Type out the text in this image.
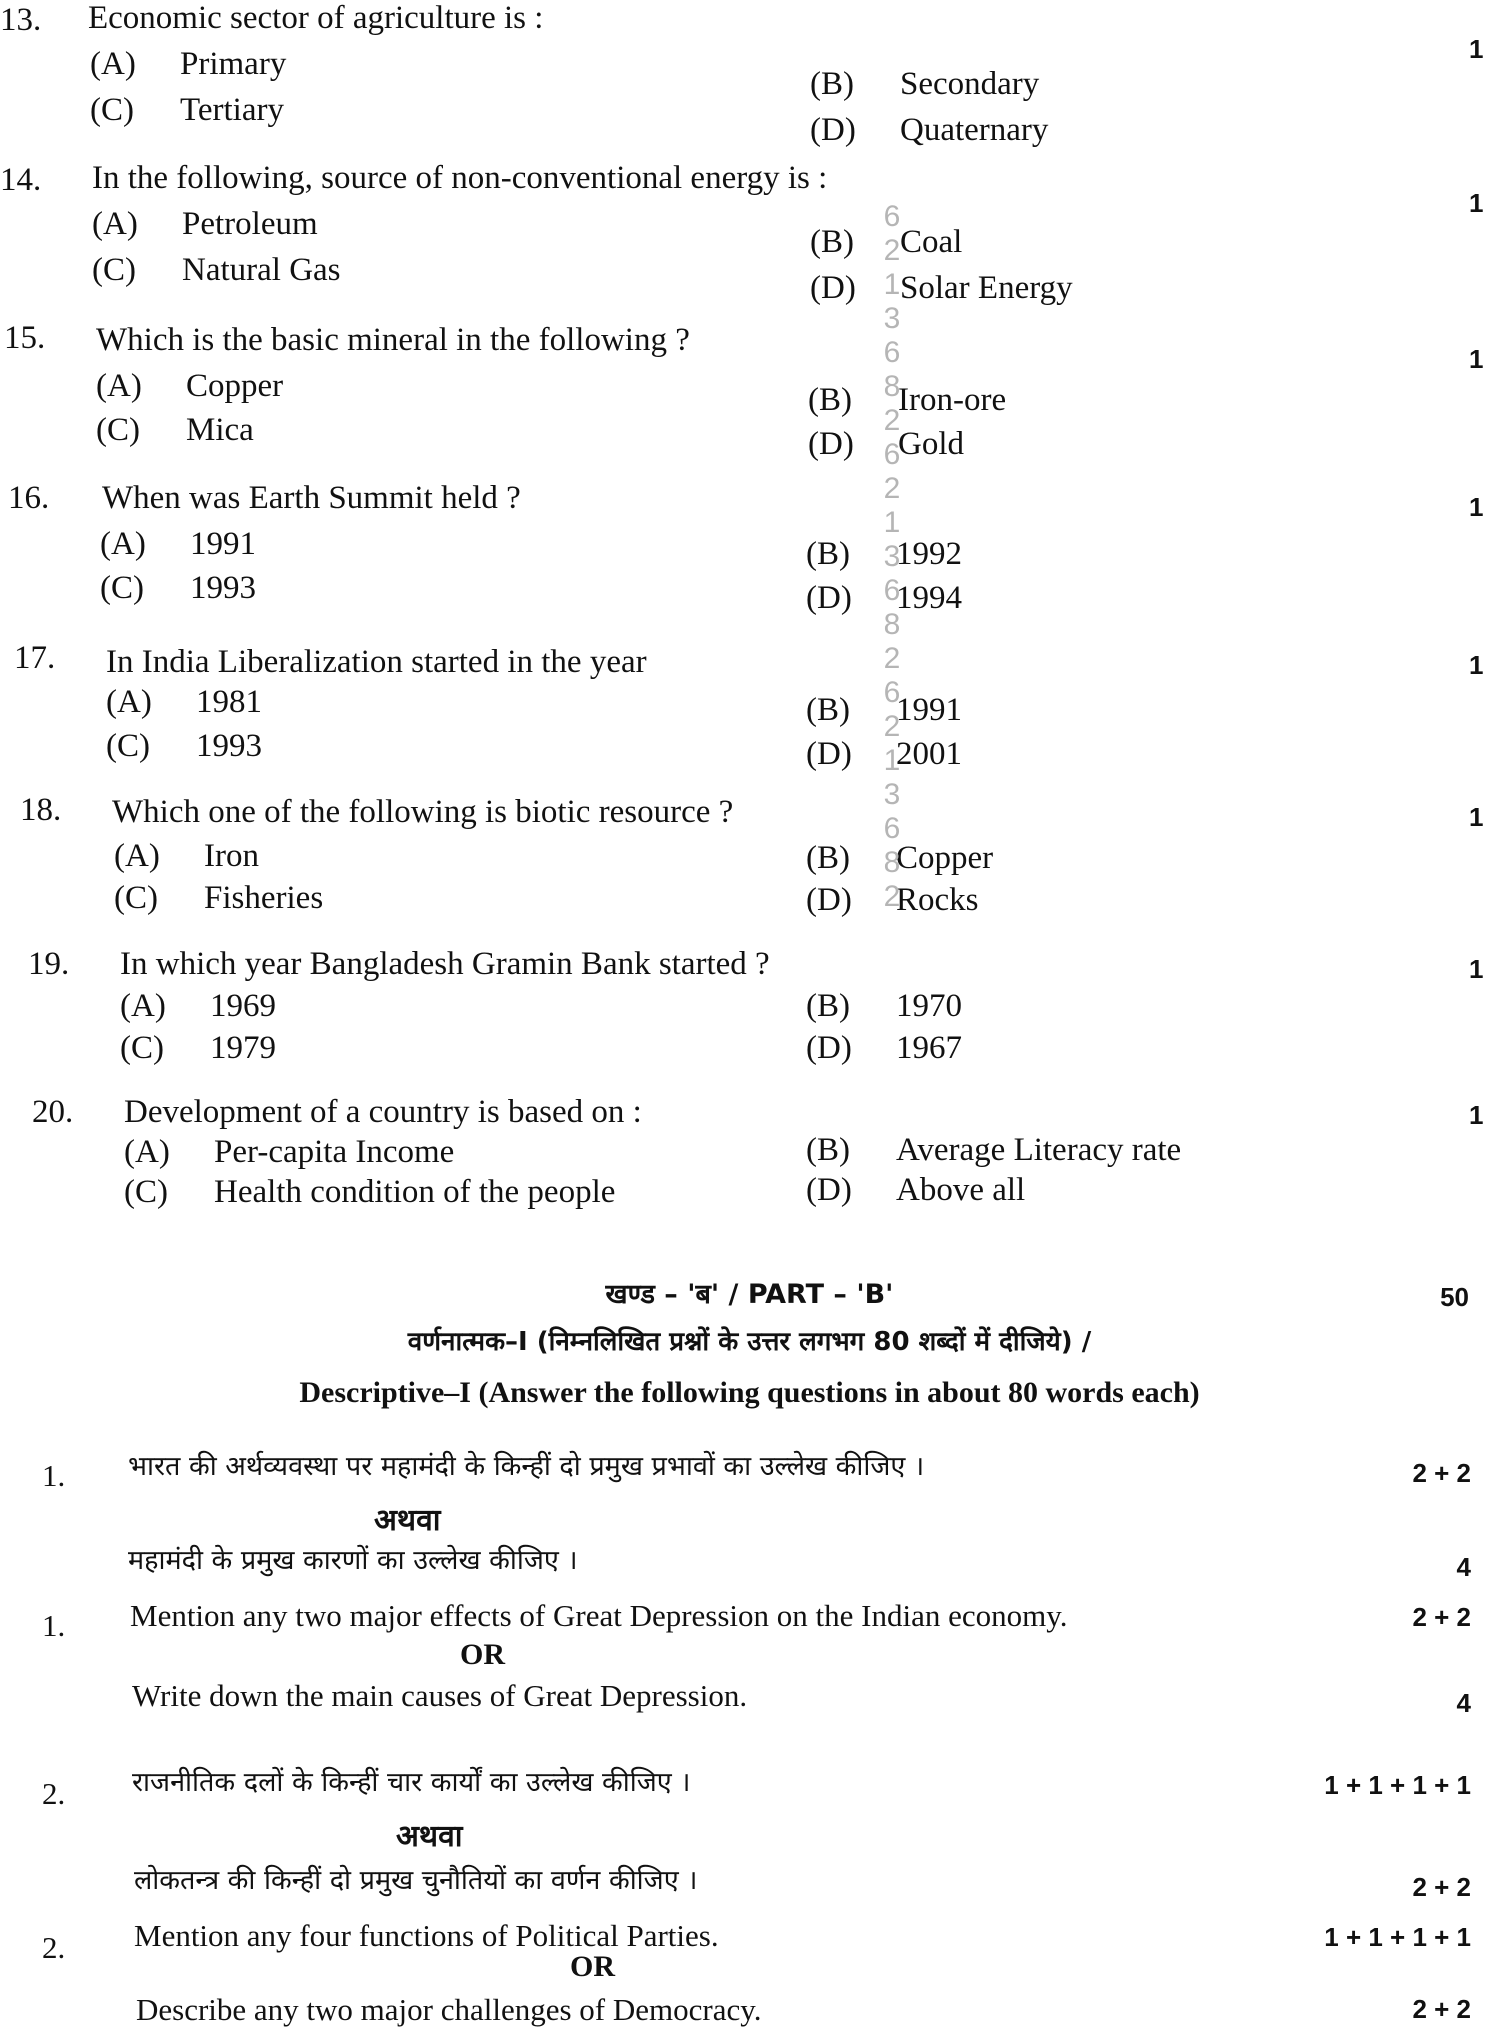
13. Economic sector of agriculture is :
1
(A) Primary
(B) Secondary
(C) Tertiary
(D) Quaternary
14. In the following, source of non-conventional energy is :
1
(A) Petroleum	(B) Coal
(C) Natural Gas	(D) Solar Energy
15. Which is the basic mineral in the following ?
1
(A) Copper	(B) Iron-ore
(C) Mica	(D) Gold
16. When was Earth Summit held ?	1
(A) 1991	(B) 1992
(C) 1993	(D) 1994
17. In India Liberalization started in the year	1
(A) 1981	(B) 1991
(C) 1993	(D) 2001
18. Which one of the following is biotic resource ?	1
(A) Iron	(B) Copper
(C) Fisheries	(D) Rocks
19. In which year Bangladesh Gramin Bank started ?	1
(A) 1969	(B) 1970
(C) 1979	(D) 1967
20. Development of a country is based on :	1
(A) Per-capita Income	(B) Average Literacy rate
(C) Health condition of the people	(D) Above all
खण्ड – 'ब' / PART – 'B'	50
वर्णनात्मक–I (निम्नलिखित प्रश्नों के उत्तर लगभग 80 शब्दों में दीजिये) /
Descriptive–I (Answer the following questions in about 80 words each)
1. भारत की अर्थव्यवस्था पर महामंदी के किन्हीं दो प्रमुख प्रभावों का उल्लेख कीजिए ।	2 + 2
अथवा
महामंदी के प्रमुख कारणों का उल्लेख कीजिए ।	4
1. Mention any two major effects of Great Depression on the Indian economy.	2 + 2
OR
Write down the main causes of Great Depression.	4
2. राजनीतिक दलों के किन्हीं चार कार्यों का उल्लेख कीजिए ।	1 + 1 + 1 + 1
अथवा
लोकतन्त्र की किन्हीं दो प्रमुख चुनौतियों का वर्णन कीजिए ।	2 + 2
2. Mention any four functions of Political Parties.	1 + 1 + 1 + 1
OR
Describe any two major challenges of Democracy.	2 + 2
6
2
1
3
6
8
2
6
2
1
3
6
8
2
6
2
1
3
6
8
2
